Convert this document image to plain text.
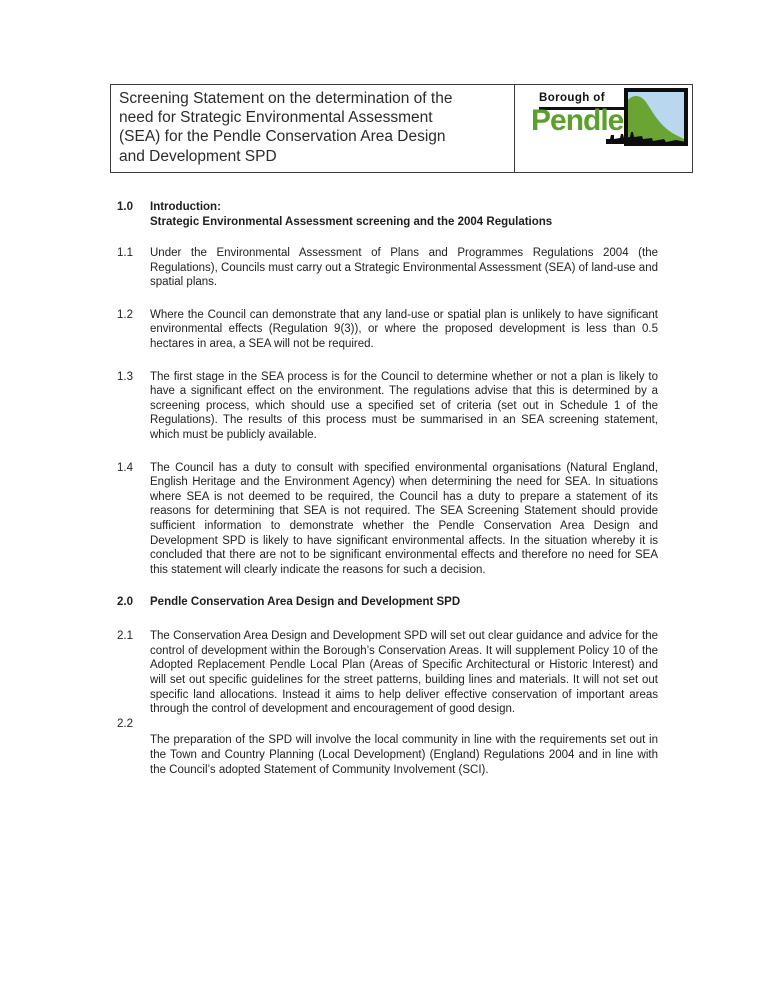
Screening Statement on the determination of the
need for Strategic Environmental Assessment
(SEA) for the Pendle Conservation Area Design
and Development SPD
Borough of
Pendle
1.0	Introduction:
Strategic Environmental Assessment screening and the 2004 Regulations
1.1	Under the Environmental Assessment of Plans and Programmes Regulations 2004 (the Regulations), Councils must carry out a Strategic Environmental Assessment (SEA) of land-use and spatial plans.
1.2	Where the Council can demonstrate that any land-use or spatial plan is unlikely to have significant environmental effects (Regulation 9(3)), or where the proposed development is less than 0.5 hectares in area, a SEA will not be required.
1.3	The first stage in the SEA process is for the Council to determine whether or not a plan is likely to have a significant effect on the environment. The regulations advise that this is determined by a screening process, which should use a specified set of criteria (set out in Schedule 1 of the Regulations). The results of this process must be summarised in an SEA screening statement, which must be publicly available.
1.4	The Council has a duty to consult with specified environmental organisations (Natural England, English Heritage and the Environment Agency) when determining the need for SEA. In situations where SEA is not deemed to be required, the Council has a duty to prepare a statement of its reasons for determining that SEA is not required. The SEA Screening Statement should provide sufficient information to demonstrate whether the Pendle Conservation Area Design and Development SPD is likely to have significant environmental affects. In the situation whereby it is concluded that there are not to be significant environmental effects and therefore no need for SEA this statement will clearly indicate the reasons for such a decision.
2.0	Pendle Conservation Area Design and Development SPD
2.1	The Conservation Area Design and Development SPD will set out clear guidance and advice for the control of development within the Borough’s Conservation Areas. It will supplement Policy 10 of the Adopted Replacement Pendle Local Plan (Areas of Specific Architectural or Historic Interest) and will set out specific guidelines for the street patterns, building lines and materials. It will not set out specific land allocations. Instead it aims to help deliver effective conservation of important areas through the control of development and encouragement of good design.
2.2
The preparation of the SPD will involve the local community in line with the requirements set out in the Town and Country Planning (Local Development) (England) Regulations 2004 and in line with the Council’s adopted Statement of Community Involvement (SCI).
